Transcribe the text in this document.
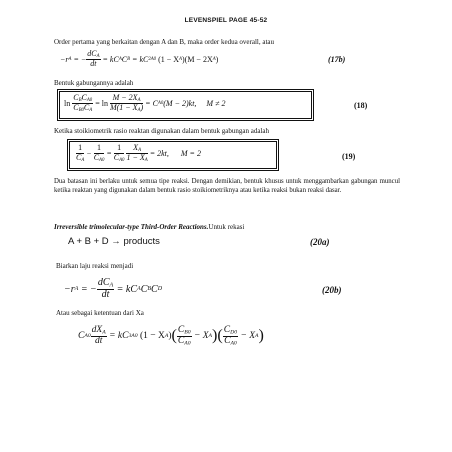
LEVENSPIEL PAGE 45-52
Order pertama yang berkaitan dengan A dan B, maka order kedua overall, atau
−r A = − $\frac{dC_A}{dt}$ = kC A C B
= kC 2 A0
(1 − X A )(M − 2X A )	(17b)
Bentuk gabungannya adalah
ln
$\frac{C_BC_{A0}}{C_{B0}C_A}$
= ln
$\frac{M - 2X_A}{M(1 - X_A)}$
= C A0 (M − 2)kt,
M ≠ 2	(18)
Ketika stoikiometrik rasio reaktan digunakan dalam bentuk gabungan adalah
$\frac{1}{C_A} - \frac{1}{C_{A0}} = \frac{1}{C_{A0}}$
$\frac{X_A}{1 - X_A}$
= 2kt,
M = 2	(19)
Dua batasan ini berlaku untuk semua tipe reaksi. Dengan demikian, bentuk khusus untuk menggambarkan gabungan muncul ketika reaktan yang digunakan dalam bentuk rasio stoikiometriknya atau ketika reaksi bukan reaksi dasar.
Irreversible trimolecular-type Third-Order Reactions.Untuk rekasi
A + B + D → products	(20a)
Biarkan laju reaksi menjadi
−r A = − $\frac{dC_A}{dt}$
= kC A C B C D	(20b)
Atau sebagai ketentuan dari Xa
C $A0 \frac{dX_A}{dt}$
= kC 3 A0
(1 − X A ) ( $\frac{C_{B0}}{C_{A0}} - X$ A ) ( $\frac{C_{D0}}{C_{A0}} - X$ A )
